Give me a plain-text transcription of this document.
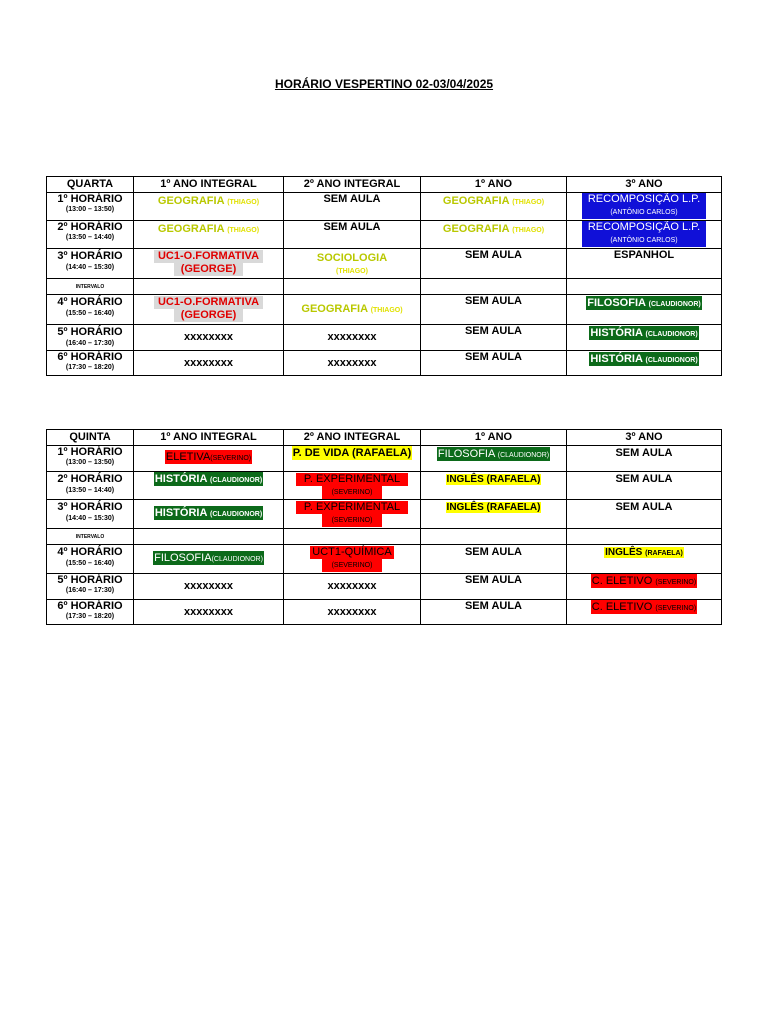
HORÁRIO VESPERTINO 02-03/04/2025
QUARTA	1º ANO INTEGRAL	2º ANO INTEGRAL	1º ANO	3º ANO

1º HORÁRIO
(13:00 – 13:50)	GEOGRAFIA (THIAGO)	SEM AULA	GEOGRAFIA (THIAGO)	RECOMPOSIÇÃO L.P.
(ANTÔNIO CARLOS)

2º HORÁRIO
(13:50 – 14:40)	GEOGRAFIA (THIAGO)	SEM AULA	GEOGRAFIA (THIAGO)	RECOMPOSIÇÃO L.P.
(ANTÔNIO CARLOS)

3º HORÁRIO
(14:40 – 15:30)	UC1-O.FORMATIVA
(GEORGE)	SOCIOLOGIA
(THIAGO)	SEM AULA	ESPANHOL
INTERVALO				

4º HORÁRIO
(15:50 – 16:40)	UC1-O.FORMATIVA
(GEORGE)	GEOGRAFIA (THIAGO)	SEM AULA	FILOSOFIA (CLAUDIONOR)

5º HORÁRIO
(16:40 – 17:30)	xxxxxxxx	xxxxxxxx	SEM AULA	HISTÓRIA (CLAUDIONOR)

6º HORÁRIO
(17:30 – 18:20)	xxxxxxxx	xxxxxxxx	SEM AULA	HISTÓRIA (CLAUDIONOR)
QUINTA	1º ANO INTEGRAL	2º ANO INTEGRAL	1º ANO	3º ANO

1º HORÁRIO
(13:00 – 13:50)	ELETIVA(SEVERINO)	P. DE VIDA (RAFAELA)	FILOSOFIA (CLAUDIONOR)	SEM AULA

2º HORÁRIO
(13:50 – 14:40)	HISTÓRIA (CLAUDIONOR)	P. EXPERIMENTAL
(SEVERINO)	INGLÊS (RAFAELA)	SEM AULA

3º HORÁRIO
(14:40 – 15:30)	HISTÓRIA (CLAUDIONOR)	P. EXPERIMENTAL
(SEVERINO)	INGLÊS (RAFAELA)	SEM AULA
INTERVALO				

4º HORÁRIO
(15:50 – 16:40)	FILOSOFIA(CLAUDIONOR)	UCT1-QUÍMICA
(SEVERINO)	SEM AULA	INGLÊS (RAFAELA)

5º HORÁRIO
(16:40 – 17:30)	xxxxxxxx	xxxxxxxx	SEM AULA	C. ELETIVO (SEVERINO)

6º HORÁRIO
(17:30 – 18:20)	xxxxxxxx	xxxxxxxx	SEM AULA	C. ELETIVO (SEVERINO)
